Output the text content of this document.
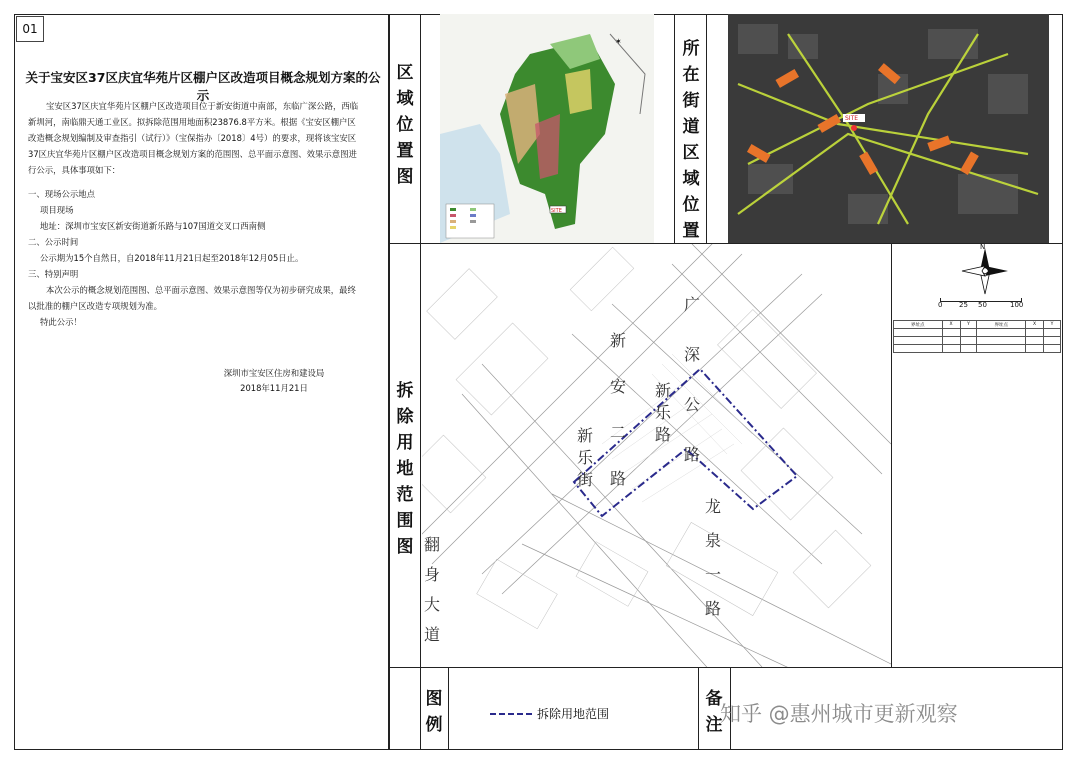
01
关于宝安区37区庆宜华苑片区棚户区改造项目概念规划方案的公示

宝安区37区庆宜华苑片区棚户区改造项目位于新安街道中南部，东临广深公路，西临新圳河，南临鼎天通工业区。拟拆除范围用地面积23876.8平方米。根据《宝安区棚户区改造概念规划编制及审查指引（试行）》（宝保指办〔2018〕4号）的要求，现将该宝安区37区庆宜华苑片区棚户区改造项目概念规划方案的范围图、总平面示意图、效果示意图进行公示，具体事项如下：

一、现场公示地点

项目现场

地址：深圳市宝安区新安街道新乐路与107国道交叉口西南侧

二、公示时间

公示期为15个自然日，自2018年11月21日起至2018年12月05日止。

三、特别声明

本次公示的概念规划范围图、总平面示意图、效果示意图等仅为初步研究成果，最终以批准的棚户区改造专项规划为准。

特此公示！

深圳市宝安区住房和建设局
2018年11月21日
区
域
位
置
图
所
在
街
道
区
域
位
置
拆
除
用
地
范
围
图
图
例
备
注
✶
SITE
SITE
广
深
公
路
新
安
二
路
新
乐
路
新
乐
街
龙
泉
一
路
翻
身
大
道
N
0 25 50	100
界址点	X	Y	界址点	X	Y

拆除用地范围	知乎 @惠州城市更新观察
